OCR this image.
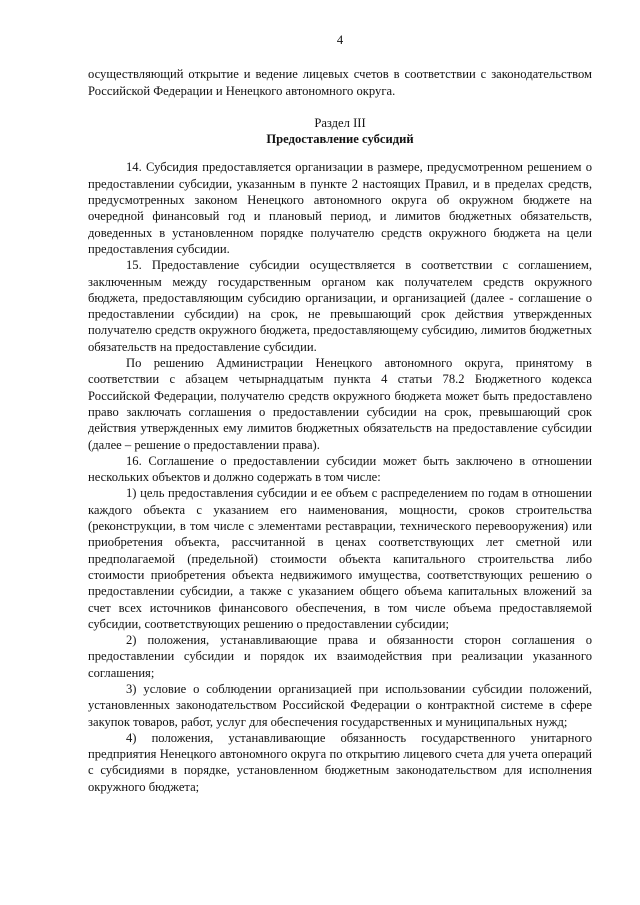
4

осуществляющий открытие и ведение лицевых счетов в соответствии с законодательством Российской Федерации и Ненецкого автономного округа.

Раздел III

Предоставление субсидий

14. Субсидия предоставляется организации в размере, предусмотренном решением о предоставлении субсидии, указанным в пункте 2 настоящих Правил, и в пределах средств, предусмотренных законом Ненецкого автономного округа об окружном бюджете на очередной финансовый год и плановый период, и лимитов бюджетных обязательств, доведенных в установленном порядке получателю средств окружного бюджета на цели предоставления субсидии.

15. Предоставление субсидии осуществляется в соответствии с соглашением, заключенным между государственным органом как получателем средств окружного бюджета, предоставляющим субсидию организации, и организацией (далее - соглашение о предоставлении субсидии) на срок, не превышающий срок действия утвержденных получателю средств окружного бюджета, предоставляющему субсидию, лимитов бюджетных обязательств на предоставление субсидии.

По решению Администрации Ненецкого автономного округа, принятому в соответствии с абзацем четырнадцатым пункта 4 статьи 78.2 Бюджетного кодекса Российской Федерации, получателю средств окружного бюджета может быть предоставлено право заключать соглашения о предоставлении субсидии на срок, превышающий срок действия утвержденных ему лимитов бюджетных обязательств на предоставление субсидии (далее – решение о предоставлении права).

16. Соглашение о предоставлении субсидии может быть заключено в отношении нескольких объектов и должно содержать в том числе:

1) цель предоставления субсидии и ее объем с распределением по годам в отношении каждого объекта с указанием его наименования, мощности, сроков строительства (реконструкции, в том числе с элементами реставрации, технического перевооружения) или приобретения объекта, рассчитанной в ценах соответствующих лет сметной или предполагаемой (предельной) стоимости объекта капитального строительства либо стоимости приобретения объекта недвижимого имущества, соответствующих решению о предоставлении субсидии, а также с указанием общего объема капитальных вложений за счет всех источников финансового обеспечения, в том числе объема предоставляемой субсидии, соответствующих решению о предоставлении субсидии;

2) положения, устанавливающие права и обязанности сторон соглашения о предоставлении субсидии и порядок их взаимодействия при реализации указанного соглашения;

3) условие о соблюдении организацией при использовании субсидии положений, установленных законодательством Российской Федерации о контрактной системе в сфере закупок товаров, работ, услуг для обеспечения государственных и муниципальных нужд;

4) положения, устанавливающие обязанность государственного унитарного предприятия Ненецкого автономного округа по открытию лицевого счета для учета операций с субсидиями в порядке, установленном бюджетным законодательством для исполнения окружного бюджета;
